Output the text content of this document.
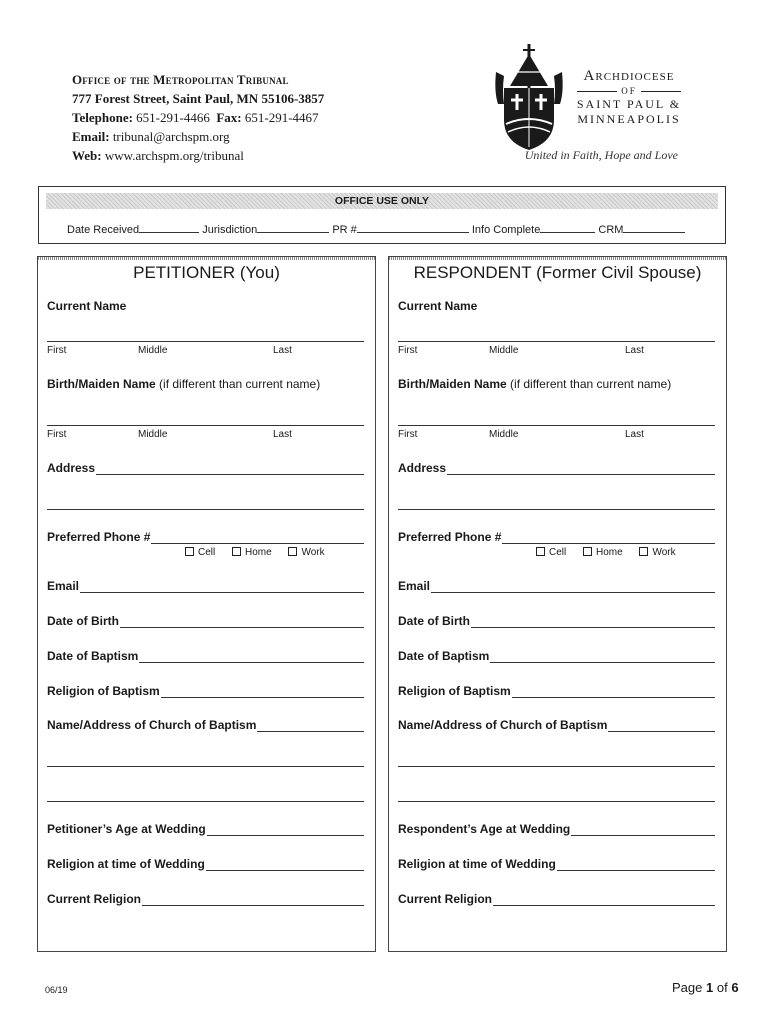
Office of the Metropolitan Tribunal
777 Forest Street, Saint Paul, MN 55106-3857
Telephone: 651-291-4466 Fax: 651-291-4467
Email: tribunal@archspm.org
Web: www.archspm.org/tribunal
Archdiocese
OF
SAINT PAUL &
MINNEAPOLIS
United in Faith, Hope and Love
OFFICE USE ONLY
Date Received	Jurisdiction	PR #	Info Complete	CRM
PETITIONER (You)
Current Name
First	Middle	Last
Birth/Maiden Name (if different than current name)
First	Middle	Last
Address
Preferred Phone #
Cell	Home	Work
Email
Date of Birth
Date of Baptism
Religion of Baptism
Name/Address of Church of Baptism
Petitioner’s Age at Wedding
Religion at time of Wedding
Current Religion
RESPONDENT (Former Civil Spouse)
Current Name
First	Middle	Last
Birth/Maiden Name (if different than current name)
First	Middle	Last
Address
Preferred Phone #
Cell	Home	Work
Email
Date of Birth
Date of Baptism
Religion of Baptism
Name/Address of Church of Baptism
Respondent’s Age at Wedding
Religion at time of Wedding
Current Religion
06/19	Page 1 of 6
